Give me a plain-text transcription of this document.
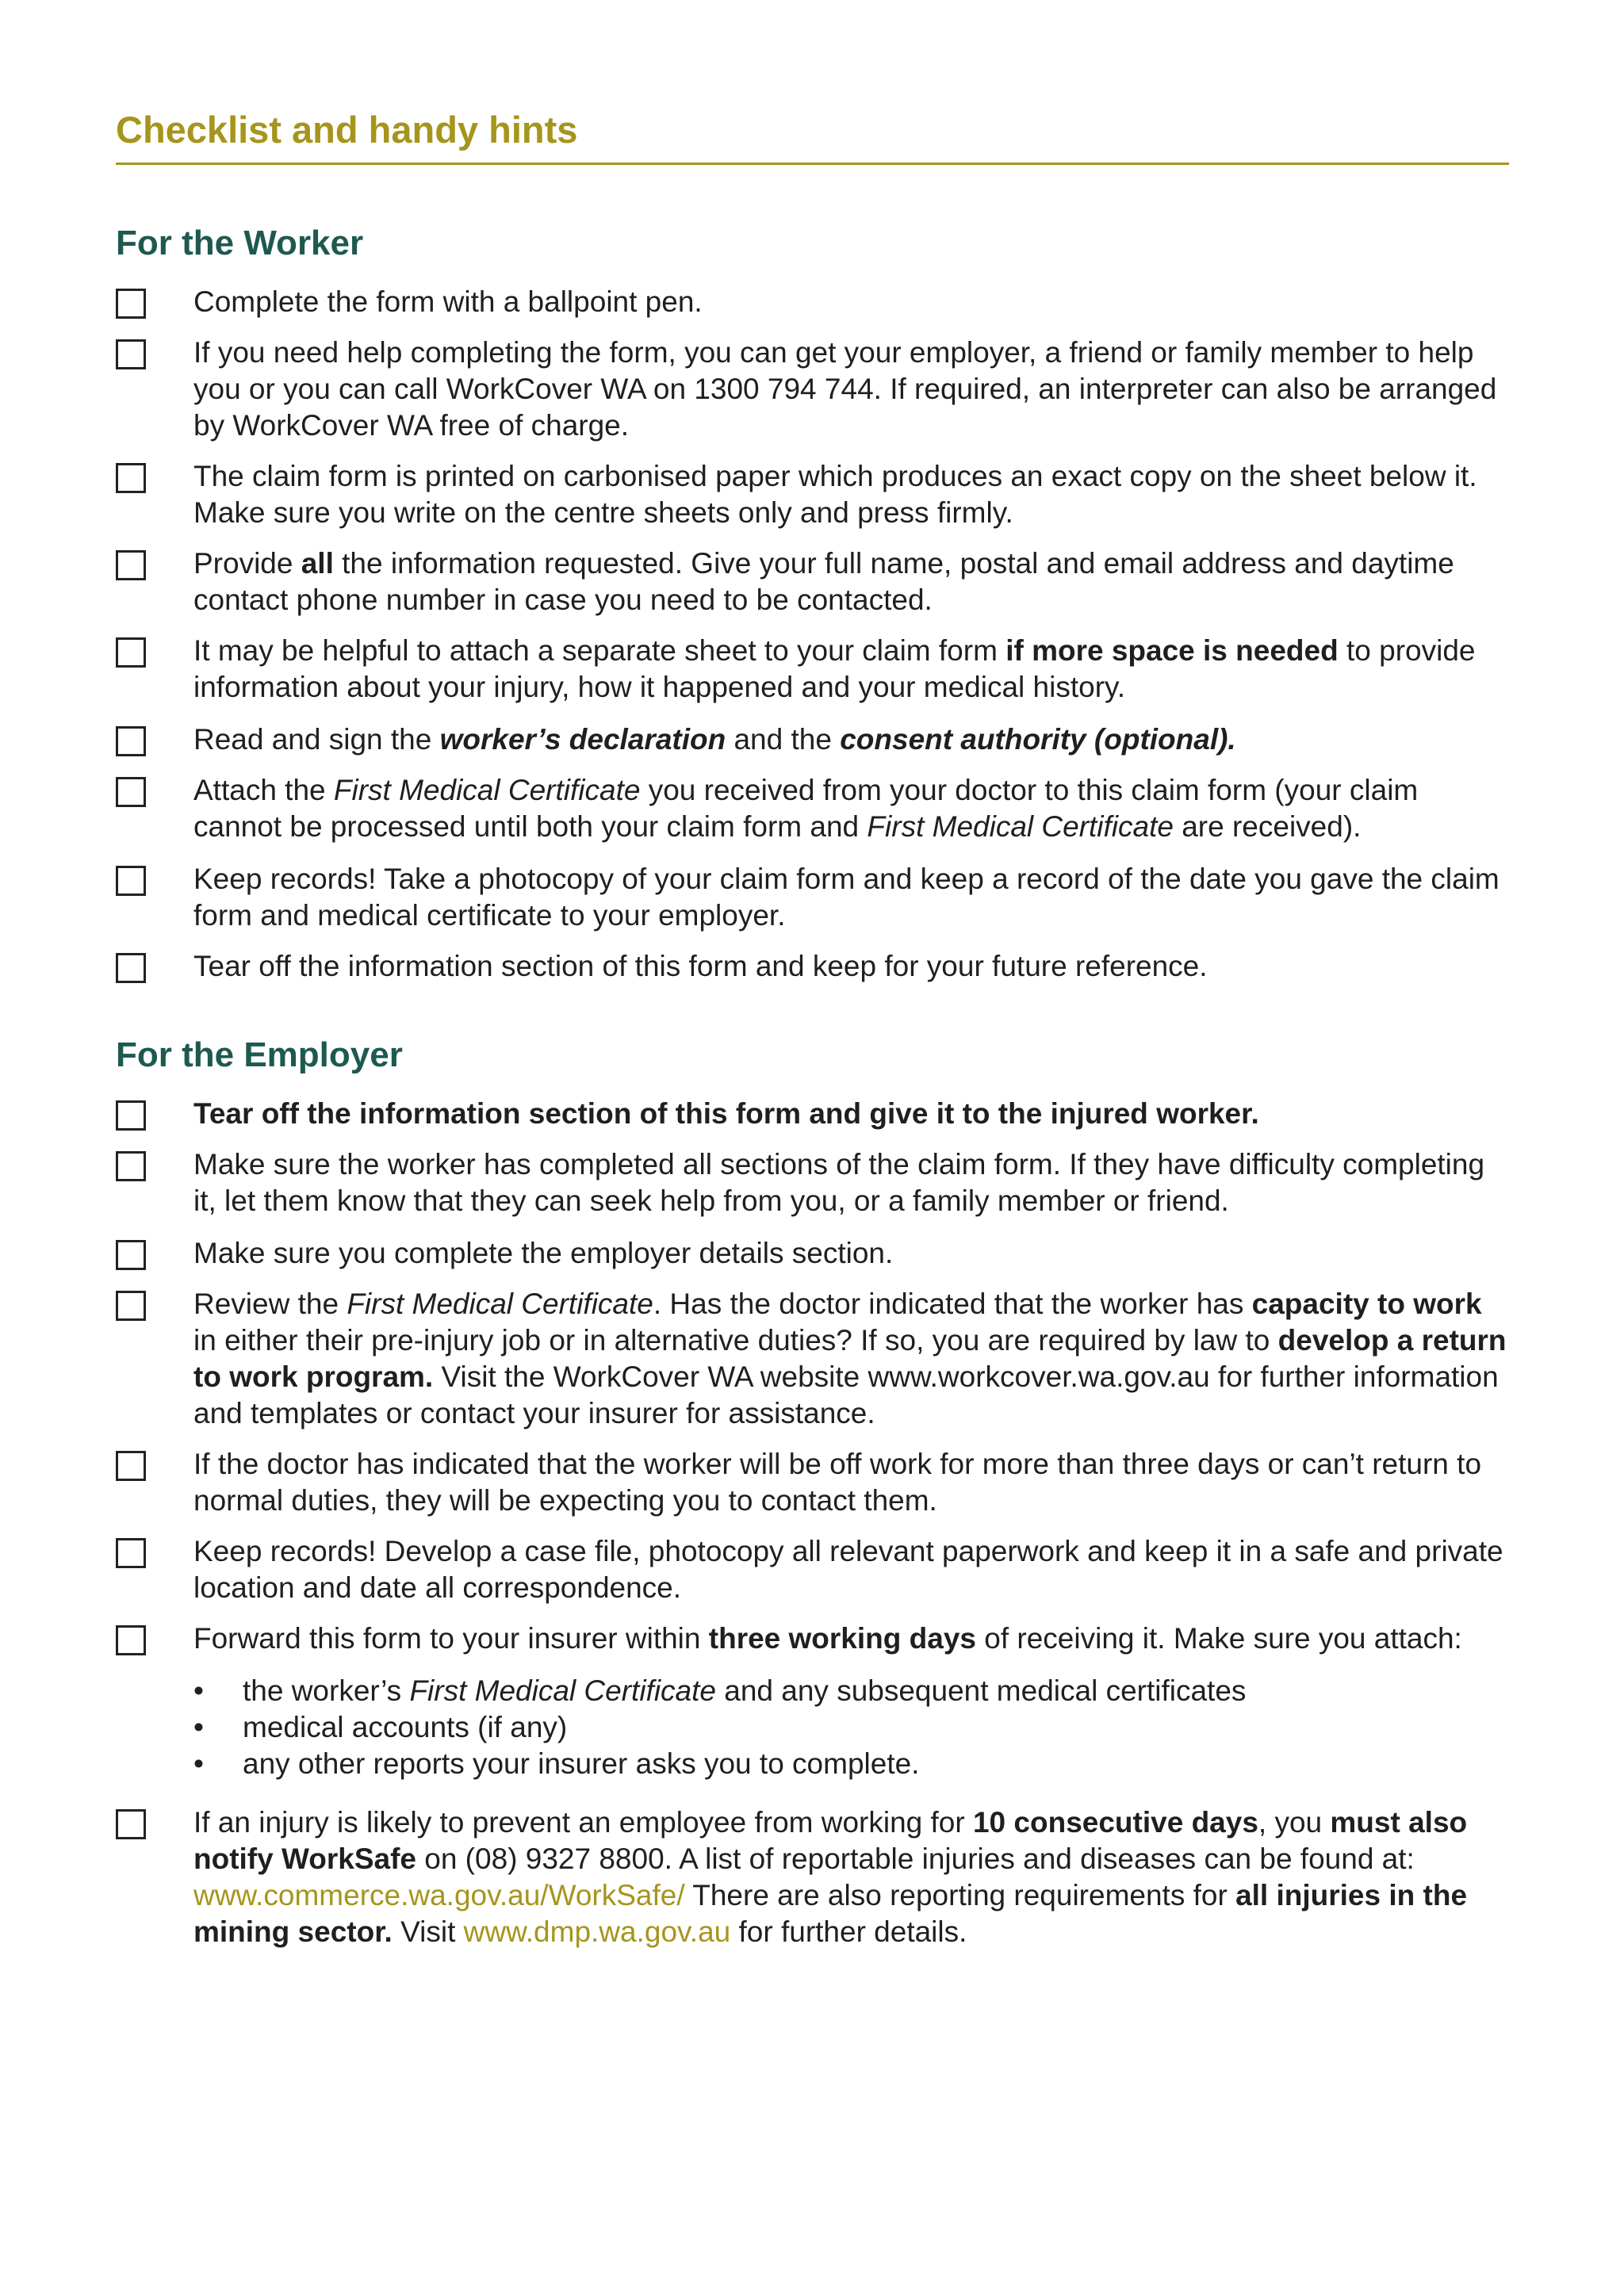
Checklist and handy hints
For the Worker
Complete the form with a ballpoint pen.
If you need help completing the form, you can get your employer, a friend or family member to help you or you can call WorkCover WA on 1300 794 744. If required, an interpreter can also be arranged by WorkCover WA free of charge.
The claim form is printed on carbonised paper which produces an exact copy on the sheet below it. Make sure you write on the centre sheets only and press firmly.
Provide all the information requested. Give your full name, postal and email address and daytime contact phone number in case you need to be contacted.
It may be helpful to attach a separate sheet to your claim form if more space is needed to provide information about your injury, how it happened and your medical history.
Read and sign the worker’s declaration and the consent authority (optional).
Attach the First Medical Certificate you received from your doctor to this claim form (your claim cannot be processed until both your claim form and First Medical Certificate are received).
Keep records! Take a photocopy of your claim form and keep a record of the date you gave the claim form and medical certificate to your employer.
Tear off the information section of this form and keep for your future reference.
For the Employer
Tear off the information section of this form and give it to the injured worker.
Make sure the worker has completed all sections of the claim form. If they have difficulty completing it, let them know that they can seek help from you, or a family member or friend.
Make sure you complete the employer details section.
Review the First Medical Certificate. Has the doctor indicated that the worker has capacity to work in either their pre-injury job or in alternative duties? If so, you are required by law to develop a return to work program. Visit the WorkCover WA website www.workcover.wa.gov.au for further information and templates or contact your insurer for assistance.
If the doctor has indicated that the worker will be off work for more than three days or can’t return to normal duties, they will be expecting you to contact them.
Keep records! Develop a case file, photocopy all relevant paperwork and keep it in a safe and private location and date all correspondence.
Forward this form to your insurer within three working days of receiving it. Make sure you attach:
• the worker’s First Medical Certificate and any subsequent medical certificates
• medical accounts (if any)
• any other reports your insurer asks you to complete.
If an injury is likely to prevent an employee from working for 10 consecutive days, you must also notify WorkSafe on (08) 9327 8800. A list of reportable injuries and diseases can be found at: www.commerce.wa.gov.au/WorkSafe/ There are also reporting requirements for all injuries in the mining sector. Visit www.dmp.wa.gov.au for further details.
